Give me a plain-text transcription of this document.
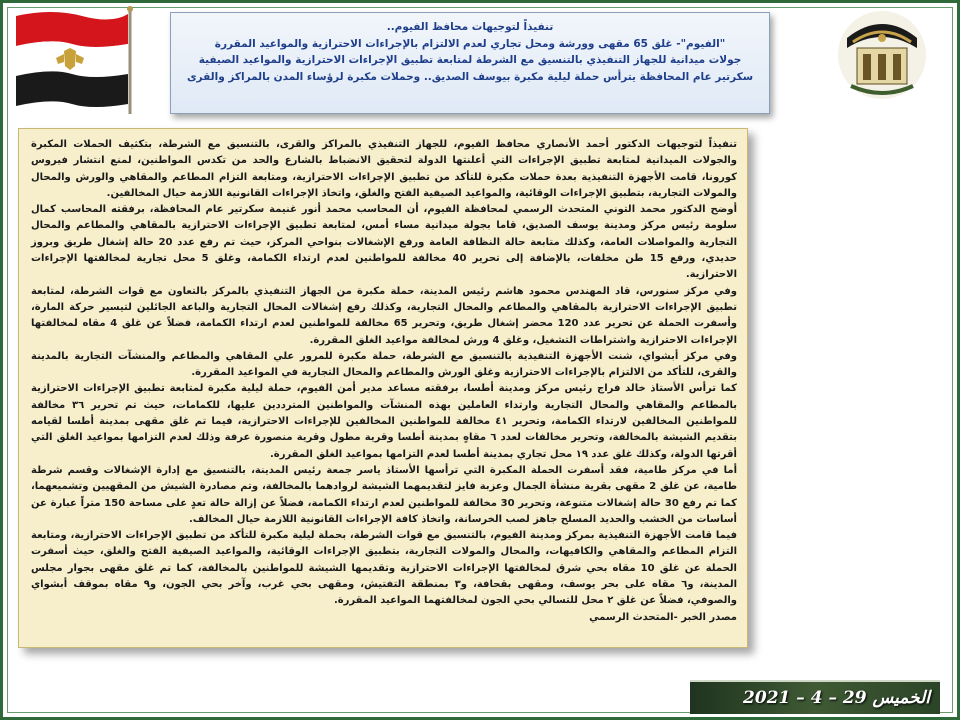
تنفيذاً لتوجيهات محافظ الفيوم..
"الفيوم"- غلق 65 مقهى وورشة ومحل تجاري لعدم الالتزام بالإجراءات الاحترازية والمواعيد المقررة
جولات ميدانية للجهاز التنفيذي بالتنسيق مع الشرطة لمتابعة تطبيق الإجراءات الاحترازية والمواعيد الصيفية
سكرتير عام المحافظة يترأس حملة ليلية مكبرة بيوسف الصديق.. وحملات مكبرة لرؤساء المدن بالمراكز والقرى

تنفيذاً لتوجيهات الدكتور أحمد الأنصاري محافظ الفيوم، للجهاز التنفيذي بالمراكز والقرى، بالتنسيق مع الشرطة، بتكثيف الحملات المكبرة والجولات الميدانية لمتابعة تطبيق الإجراءات التي أعلنتها الدولة لتحقيق الانضباط بالشارع والحد من تكدس المواطنين، لمنع انتشار فيروس كورونا، قامت الأجهزة التنفيذية بعدة حملات مكبرة للتأكد من تطبيق الإجراءات الاحترازية، ومتابعة التزام المطاعم والمقاهي والورش والمحال والمولات التجارية، بتطبيق الإجراءات الوقائية، والمواعيد الصيفية الفتح والغلق، واتخاذ الإجراءات القانونية اللازمة حيال المخالفين.

أوضح الدكتور محمد التوني المتحدث الرسمي لمحافظة الفيوم، أن المحاسب محمد أنور غنيمة سكرتير عام المحافظة، برفقته المحاسب كمال سلومة رئيس مركز ومدينة يوسف الصديق، قاما بجولة ميدانية مساء أمس، لمتابعة تطبيق الإجراءات الاحترازية بالمقاهي والمطاعم والمحال التجارية والمواصلات العامة، وكذلك متابعة حالة النظافة العامة ورفع الإشغالات بنواحي المركز، حيث تم رفع عدد 20 حالة إشغال طريق وبروز حديدي، ورفع 15 طن مخلفات، بالإضافة إلى تحرير 40 مخالفة للمواطنين لعدم ارتداء الكمامة، وغلق 5 محل تجارية لمخالفتها الإجراءات الاحترازية.

وفي مركز سنورس، قاد المهندس محمود هاشم رئيس المدينة، حملة مكبرة من الجهاز التنفيذي بالمركز بالتعاون مع قوات الشرطة، لمتابعة تطبيق الإجراءات الاحترازية بالمقاهي والمطاعم والمحال التجارية، وكذلك رفع إشغالات المحال التجارية والباعة الجائلين لتيسير حركة المارة، وأسفرت الحملة عن تحرير عدد 120 محضر إشغال طريق، وتحرير 65 مخالفة للمواطنين لعدم ارتداء الكمامة، فضلاً عن غلق 4 مقاه لمخالفتها الإجراءات الاحترازية واشتراطات التشغيل، وغلق 4 ورش لمخالفة مواعيد الغلق المقررة.

وفي مركز أبشواي، شنت الأجهزة التنفيذية بالتنسيق مع الشرطة، حملة مكبرة للمرور علي المقاهي والمطاعم والمنشآت التجارية بالمدينة والقرى، للتأكد من الالتزام بالإجراءات الاحترازية وغلق الورش والمطاعم والمحال التجارية في المواعيد المقررة.

كما ترأس الأستاذ خالد فراج رئيس مركز ومدينة أطسا، برفقته مساعد مدير أمن الفيوم، حملة ليلية مكبرة لمتابعة تطبيق الإجراءات الاحترازية بالمطاعم والمقاهي والمحال التجارية وارتداء العاملين بهذه المنشآت والمواطنين المترددين عليها، للكمامات، حيث تم تحرير ٣٦ مخالفة للمواطنين المخالفين لارتداء الكمامة، وتحرير ٤١ مخالفة للمواطنين المخالفين للإجراءات الاحترازية، فيما تم غلق مقهى بمدينة أطسا لقيامه بتقديم الشيشة بالمخالفة، وتحرير مخالفات لعدد ٦ مقاهٍ بمدينة أطسا وقرية مطول وقرية منصورة عرفة وذلك لعدم التزامها بمواعيد الغلق التي أقرتها الدولة، وكذلك غلق عدد ١٩ محل تجاري بمدينة أطسا لعدم التزامها بمواعيد الغلق المقررة.

أما في مركز طامية، فقد أسفرت الحملة المكبرة التي ترأسها الأستاذ ياسر جمعة رئيس المدينة، بالتنسيق مع إدارة الإشغالات وقسم شرطة طامية، عن غلق 2 مقهى بقرية منشأة الجمال وعزبة فايز لتقديمهما الشيشة لروادهما بالمخالفة، وتم مصادرة الشيش من المقهيين وتشميعهما، كما تم رفع 30 حالة إشغالات متنوعة، وتحرير 30 مخالفة للمواطنين لعدم ارتداء الكمامة، فضلاً عن إزالة حالة تعدٍ على مساحة 150 متراً عبارة عن أساسات من الخشب والحديد المسلح جاهز لصب الخرسانة، واتخاذ كافة الإجراءات القانونية اللازمة حيال المخالف.

فيما قامت الأجهزة التنفيذية بمركز ومدينة الفيوم، بالتنسيق مع قوات الشرطة، بحملة ليلية مكبرة للتأكد من تطبيق الإجراءات الاحترازية، ومتابعة التزام المطاعم والمقاهي والكافيهات، والمحال والمولات التجارية، بتطبيق الإجراءات الوقائية، والمواعيد الصيفية الفتح والغلق، حيث أسفرت الحملة عن غلق 10 مقاه بحي شرق لمخالفتها الإجراءات الاحترازية وتقديمها الشيشة للمواطنين بالمخالفة، كما تم غلق مقهى بجوار مجلس المدينة، و٦ مقاه على بحر يوسف، ومقهى بقحافة، و٣ بمنطقة التفتيش، ومقهى بحي غرب، وآخر بحي الجون، و٩ مقاه بموقف أبشواي والصوفي، فضلاً عن غلق ٢ محل للتسالي بحي الجون لمخالفتهما المواعيد المقررة.

مصدر الخبر -المتحدث الرسمي

الخميس 29 – 4 – 2021
